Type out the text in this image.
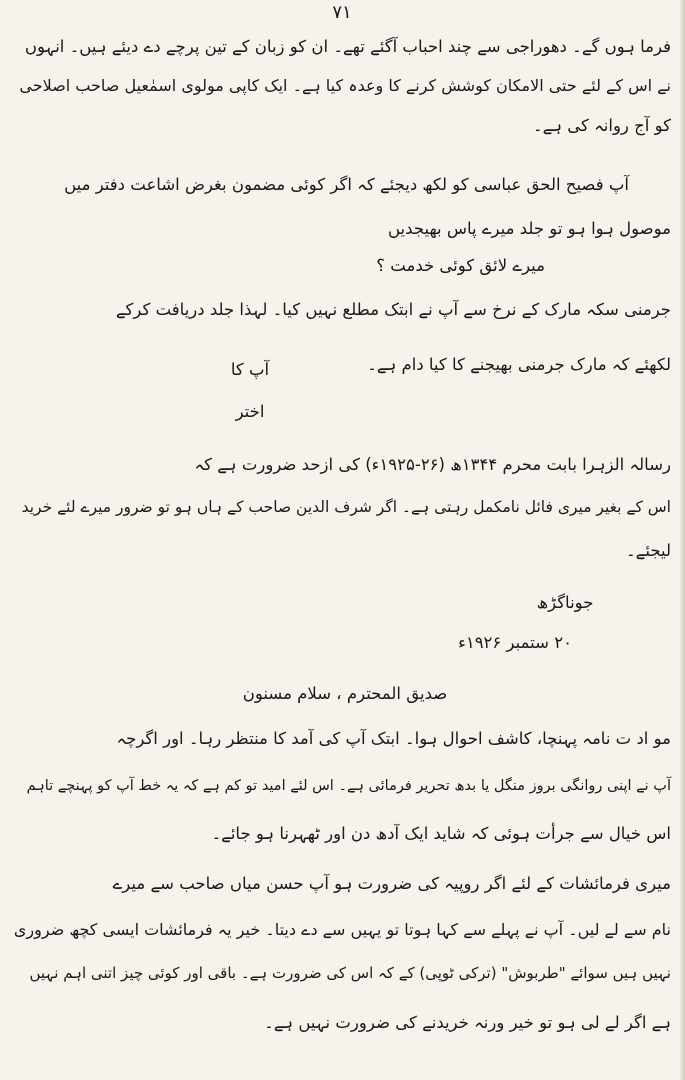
۷۱
فرما ہوں گے۔ دھوراجی سے چند احباب آگئے تھے۔ ان کو زبان کے تین پرچے دے دیئے ہیں۔ انہوں
نے اس کے لئے حتی الامکان کوشش کرنے کا وعدہ کیا ہے۔ ایک کاپی مولوی اسمٰعیل صاحب اصلاحی
کو آج روانہ کی ہے۔
آپ فصیح الحق عباسی کو لکھ دیجئے کہ اگر کوئی مضمون بغرض اشاعت دفتر میں
موصول ہوا ہو تو جلد میرے پاس بھیجدیں
میرے لائق کوئی خدمت ؟
جرمنی سکہ مارک کے نرخ سے آپ نے ابتک مطلع نہیں کیا۔ لہذا جلد دریافت کرکے
لکھئے کہ مارک جرمنی بھیجنے کا کیا دام ہے۔
آپ کا
اختر
رسالہ الزہرا بابت محرم ۱۳۴۴ھ (۲۶-۱۹۲۵ء) کی ازحد ضرورت ہے کہ
اس کے بغیر میری فائل نامکمل رہتی ہے۔ اگر شرف الدین صاحب کے ہاں ہو تو ضرور میرے لئے خرید
لیجئے۔
جوناگڑھ
۲۰ ستمبر ۱۹۲۶ء
صدیق المحترم ، سلام مسنون
مو اد ت نامہ پہنچا، کاشف احوال ہوا۔ ابتک آپ کی آمد کا منتظر رہا۔ اور اگرچہ
آپ نے اپنی روانگی بروز منگل یا بدھ تحریر فرمائی ہے۔ اس لئے امید تو کم ہے کہ یہ خط آپ کو پہنچے تاہم
اس خیال سے جرأت ہوئی کہ شاید ایک آدھ دن اور ٹھہرنا ہو جائے۔
میری فرمائشات کے لئے اگر روپیہ کی ضرورت ہو آپ حسن میاں صاحب سے میرے
نام سے لے لیں۔ آپ نے پہلے سے کہا ہوتا تو یہیں سے دے دیتا۔ خیر یہ فرمائشات ایسی کچھ ضروری
نہیں ہیں سوائے "طربوش" (ترکی ٹوپی) کے کہ اس کی ضرورت ہے۔ باقی اور کوئی چیز اتنی اہم نہیں
ہے اگر لے لی ہو تو خیر ورنہ خریدنے کی ضرورت نہیں ہے۔
